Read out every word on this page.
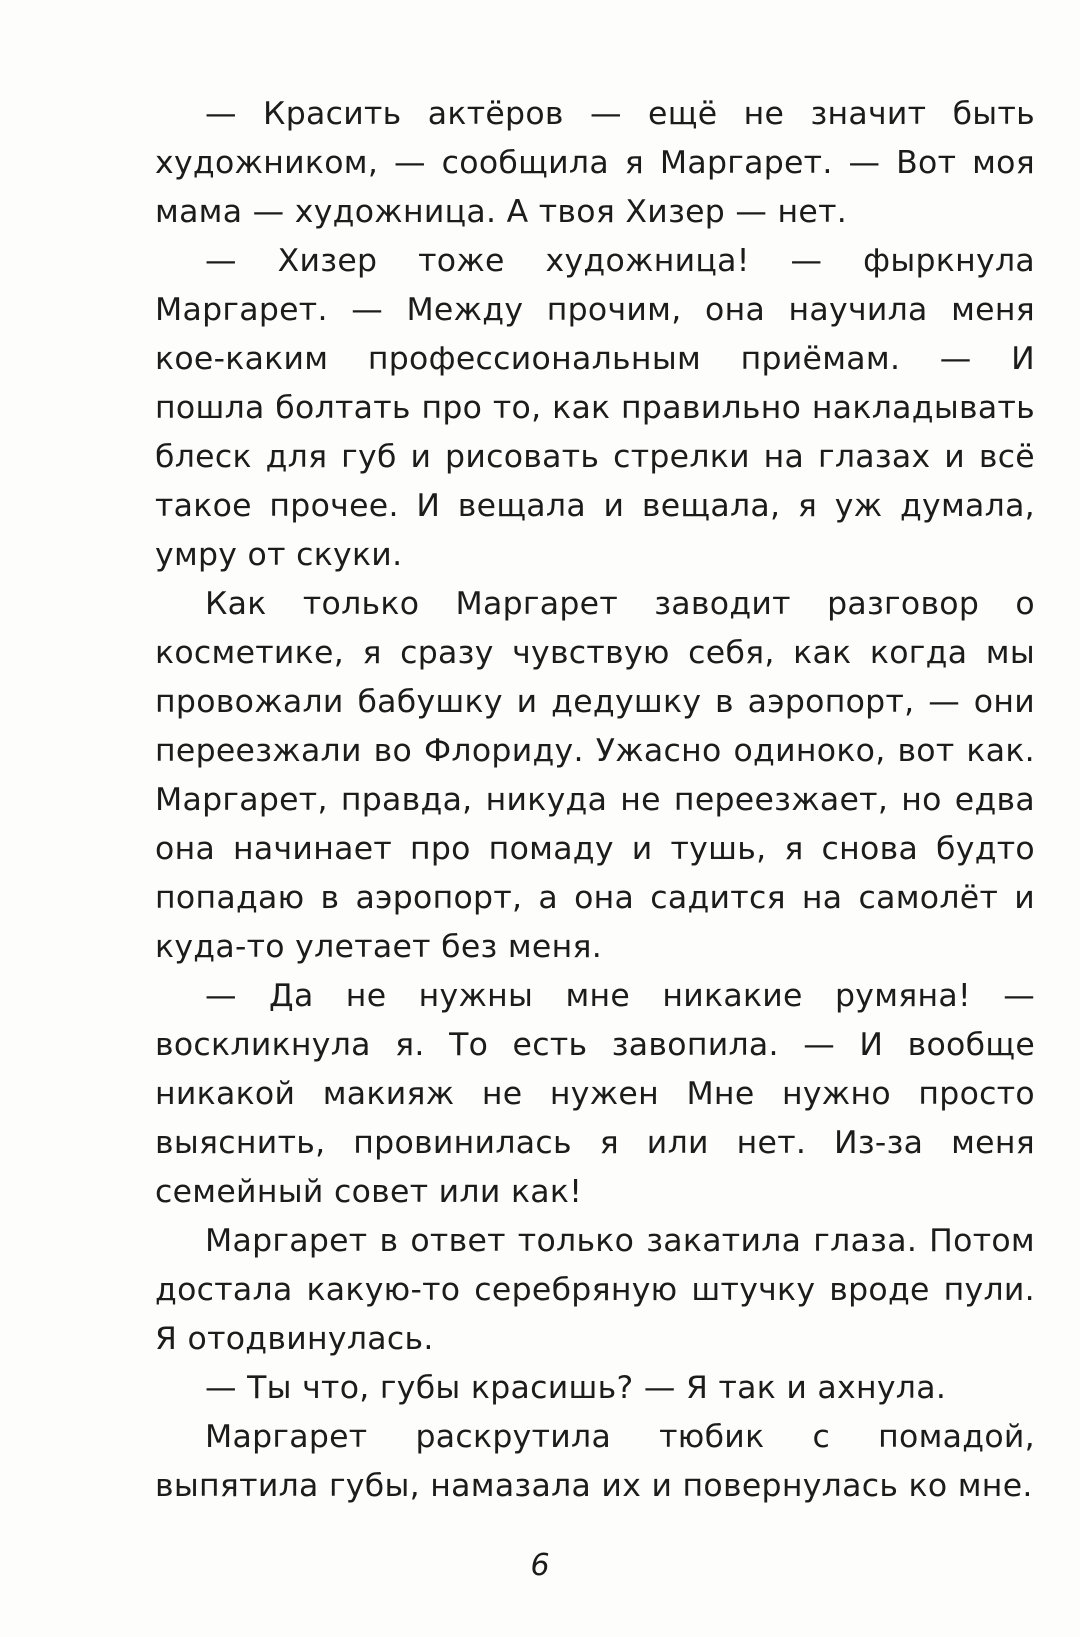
— Красить актёров — ещё не значит быть художником, — сообщила я Маргарет. — Вот моя мама — художница. А твоя Хизер — нет.

— Хизер тоже художница! — фыркнула Маргарет. — Между прочим, она научила меня кое-каким профессиональным приёмам. — И пошла болтать про то, как правильно накладывать блеск для губ и рисовать стрелки на глазах и всё такое прочее. И вещала и вещала, я уж думала, умру от скуки.

Как только Маргарет заводит разговор о косметике, я сразу чувствую себя, как когда мы провожали бабушку и дедушку в аэропорт, — они переезжали во Флориду. Ужасно одиноко, вот как. Маргарет, правда, никуда не переезжает, но едва она начинает про помаду и тушь, я снова будто попадаю в аэропорт, а она садится на самолёт и куда-то улетает без меня.

— Да не нужны мне никакие румяна! — воскликнула я. То есть завопила. — И вообще никакой макияж не нужен Мне нужно просто выяснить, провинилась я или нет. Из-за меня семейный совет или как!

Маргарет в ответ только закатила глаза. Потом достала какую-то серебряную штучку вроде пули. Я отодвинулась.

— Ты что, губы красишь? — Я так и ахнула.

Маргарет раскрутила тюбик с помадой, выпятила губы, намазала их и повернулась ко мне.

6
